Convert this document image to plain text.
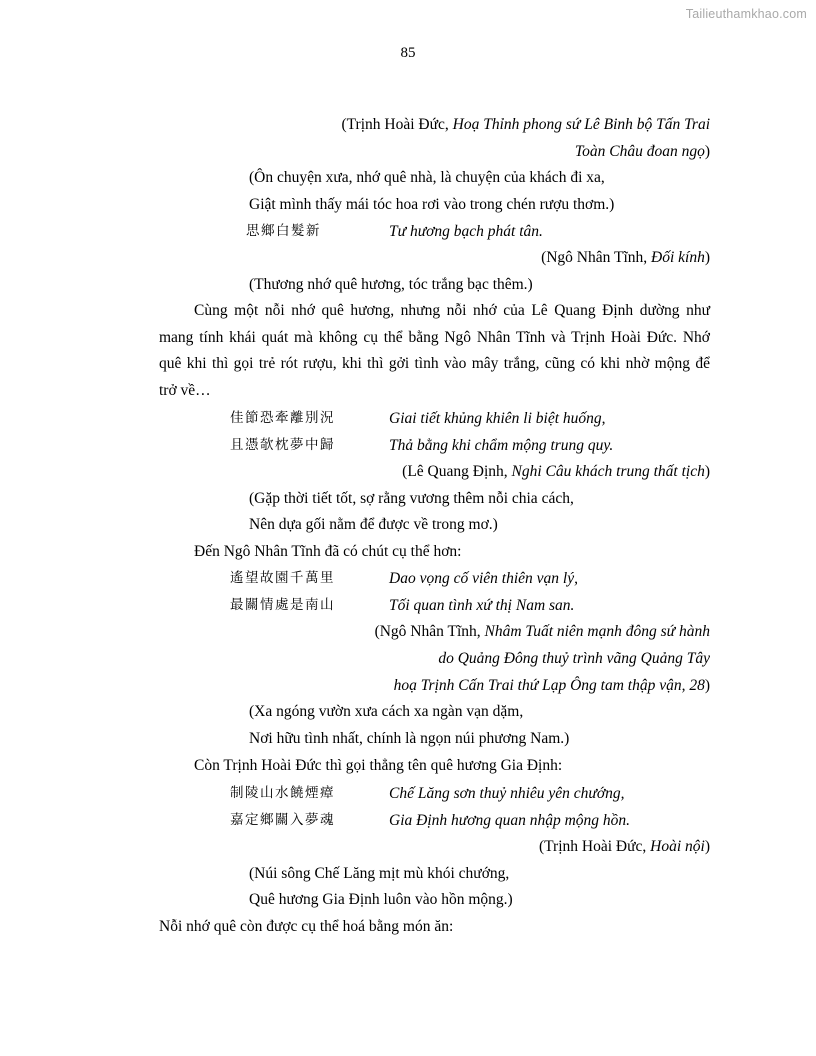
Tailieuthamkhao.com
85
(Trịnh Hoài Đức, Hoạ Thỉnh phong sứ Lê Binh bộ Tấn Trai
Toàn Châu đoan ngọ)
(Ôn chuyện xưa, nhớ quê nhà, là chuyện của khách đi xa,
Giật mình thấy mái tóc hoa rơi vào trong chén rượu thơm.)
思鄉白髮新	Tư hương bạch phát tân.
(Ngô Nhân Tĩnh, Đối kính)
(Thương nhớ quê hương, tóc trắng bạc thêm.)
Cùng một nỗi nhớ quê hương, nhưng nỗi nhớ của Lê Quang Định dường như
mang tính khái quát mà không cụ thể bằng Ngô Nhân Tĩnh và Trịnh Hoài Đức. Nhớ
quê khi thì gọi trẻ rót rượu, khi thì gởi tình vào mây trắng, cũng có khi nhờ mộng để
trở về…
佳節恐牽離別況	Giai tiết khủng khiên li biệt huống,
且憑欹枕夢中歸	Thả bằng khi chẩm mộng trung quy.
(Lê Quang Định, Nghi Câu khách trung thất tịch)
(Gặp thời tiết tốt, sợ rằng vương thêm nỗi chia cách,
Nên dựa gối nằm để được về trong mơ.)
Đến Ngô Nhân Tĩnh đã có chút cụ thể hơn:
遙望故園千萬里	Dao vọng cố viên thiên vạn lý,
最關情處是南山	Tối quan tình xứ thị Nam san.
(Ngô Nhân Tĩnh, Nhâm Tuất niên mạnh đông sứ hành
do Quảng Đông thuỷ trình vãng Quảng Tây
hoạ Trịnh Cấn Trai thứ Lạp Ông tam thập vận, 28)
(Xa ngóng vườn xưa cách xa ngàn vạn dặm,
Nơi hữu tình nhất, chính là ngọn núi phương Nam.)
Còn Trịnh Hoài Đức thì gọi thẳng tên quê hương Gia Định:
制陵山水饒煙瘴	Chế Lăng sơn thuỷ nhiêu yên chướng,
嘉定鄉關入夢魂	Gia Định hương quan nhập mộng hồn.
(Trịnh Hoài Đức, Hoài nội)
(Núi sông Chế Lăng mịt mù khói chướng,
Quê hương Gia Định luôn vào hồn mộng.)
Nỗi nhớ quê còn được cụ thể hoá bằng món ăn:
